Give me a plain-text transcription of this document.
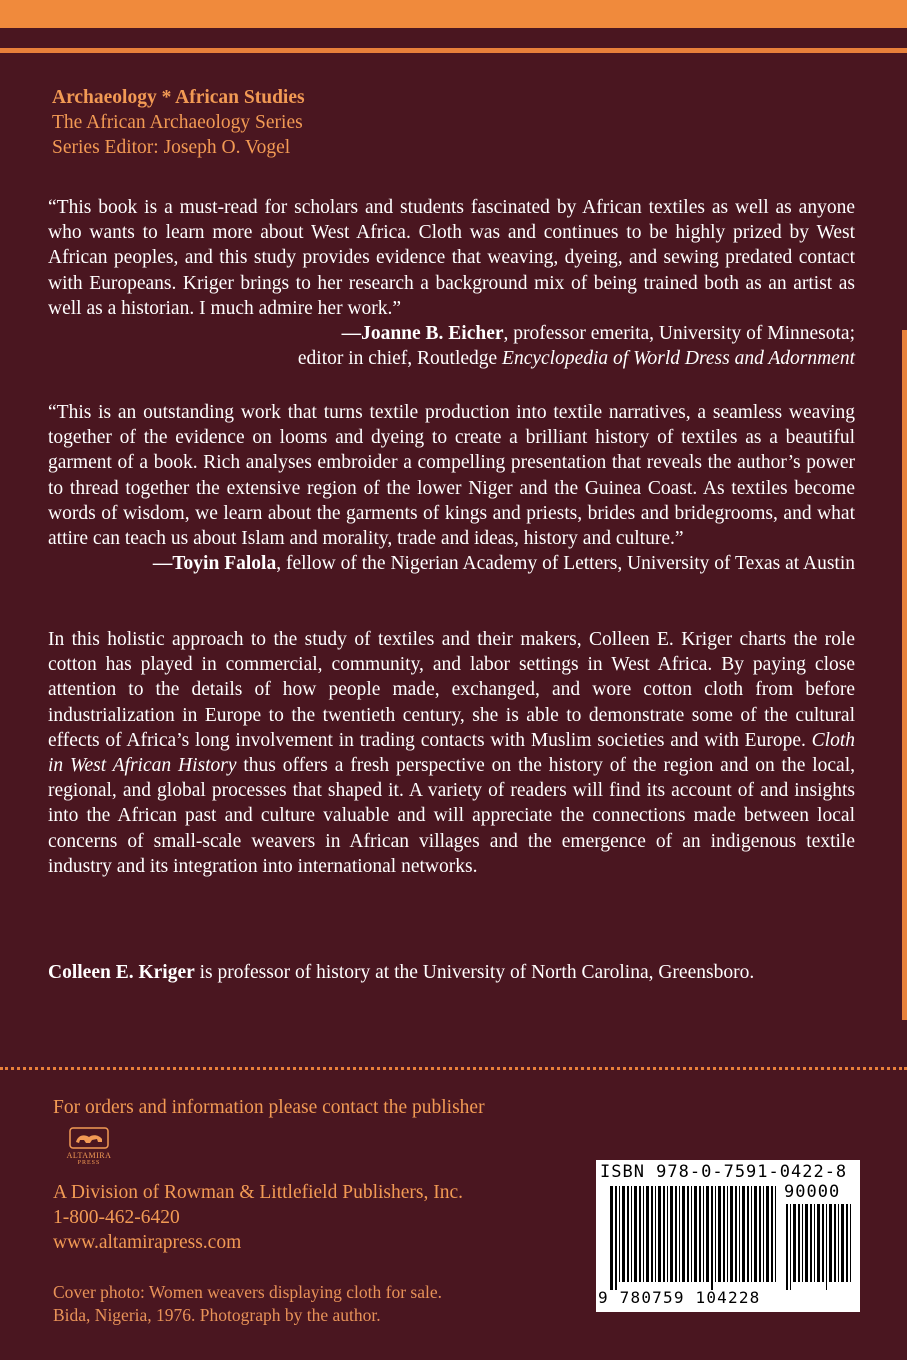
Archaeology * African Studies
The African Archaeology Series
Series Editor: Joseph O. Vogel
“This book is a must-read for scholars and students fascinated by African textiles as well as anyone who wants to learn more about West Africa. Cloth was and continues to be highly prized by West African peoples, and this study provides evidence that weaving, dyeing, and sewing predated contact with Europeans. Kriger brings to her research a background mix of being trained both as an artist as well as a historian. I much admire her work.”
—Joanne B. Eicher, professor emerita, University of Minnesota;
editor in chief, Routledge Encyclopedia of World Dress and Adornment
“This is an outstanding work that turns textile production into textile narratives, a seamless weaving together of the evidence on looms and dyeing to create a brilliant history of textiles as a beautiful garment of a book. Rich analyses embroider a compelling presentation that reveals the author’s power to thread together the extensive region of the lower Niger and the Guinea Coast. As textiles become words of wisdom, we learn about the garments of kings and priests, brides and bridegrooms, and what attire can teach us about Islam and morality, trade and ideas, history and culture.”
—Toyin Falola, fellow of the Nigerian Academy of Letters, University of Texas at Austin
In this holistic approach to the study of textiles and their makers, Colleen E. Kriger charts the role cotton has played in commercial, community, and labor settings in West Africa. By paying close attention to the details of how people made, exchanged, and wore cotton cloth from before industrialization in Europe to the twentieth century, she is able to demonstrate some of the cultural effects of Africa’s long involvement in trading contacts with Muslim societies and with Europe. Cloth in West African History thus offers a fresh perspective on the history of the region and on the local, regional, and global processes that shaped it. A variety of readers will find its account of and insights into the African past and culture valuable and will appreciate the connections made between local concerns of small-scale weavers in African villages and the emergence of an indigenous textile industry and its integration into international networks.
Colleen E. Kriger is professor of history at the University of North Carolina, Greensboro.
For orders and information please contact the publisher
ALTAMIRA
PRESS
A Division of Rowman & Littlefield Publishers, Inc.
1-800-462-6420
www.altamirapress.com
Cover photo: Women weavers displaying cloth for sale.
Bida, Nigeria, 1976. Photograph by the author.
ISBN 978-0-7591-0422-8
90000
9 780759 104228
